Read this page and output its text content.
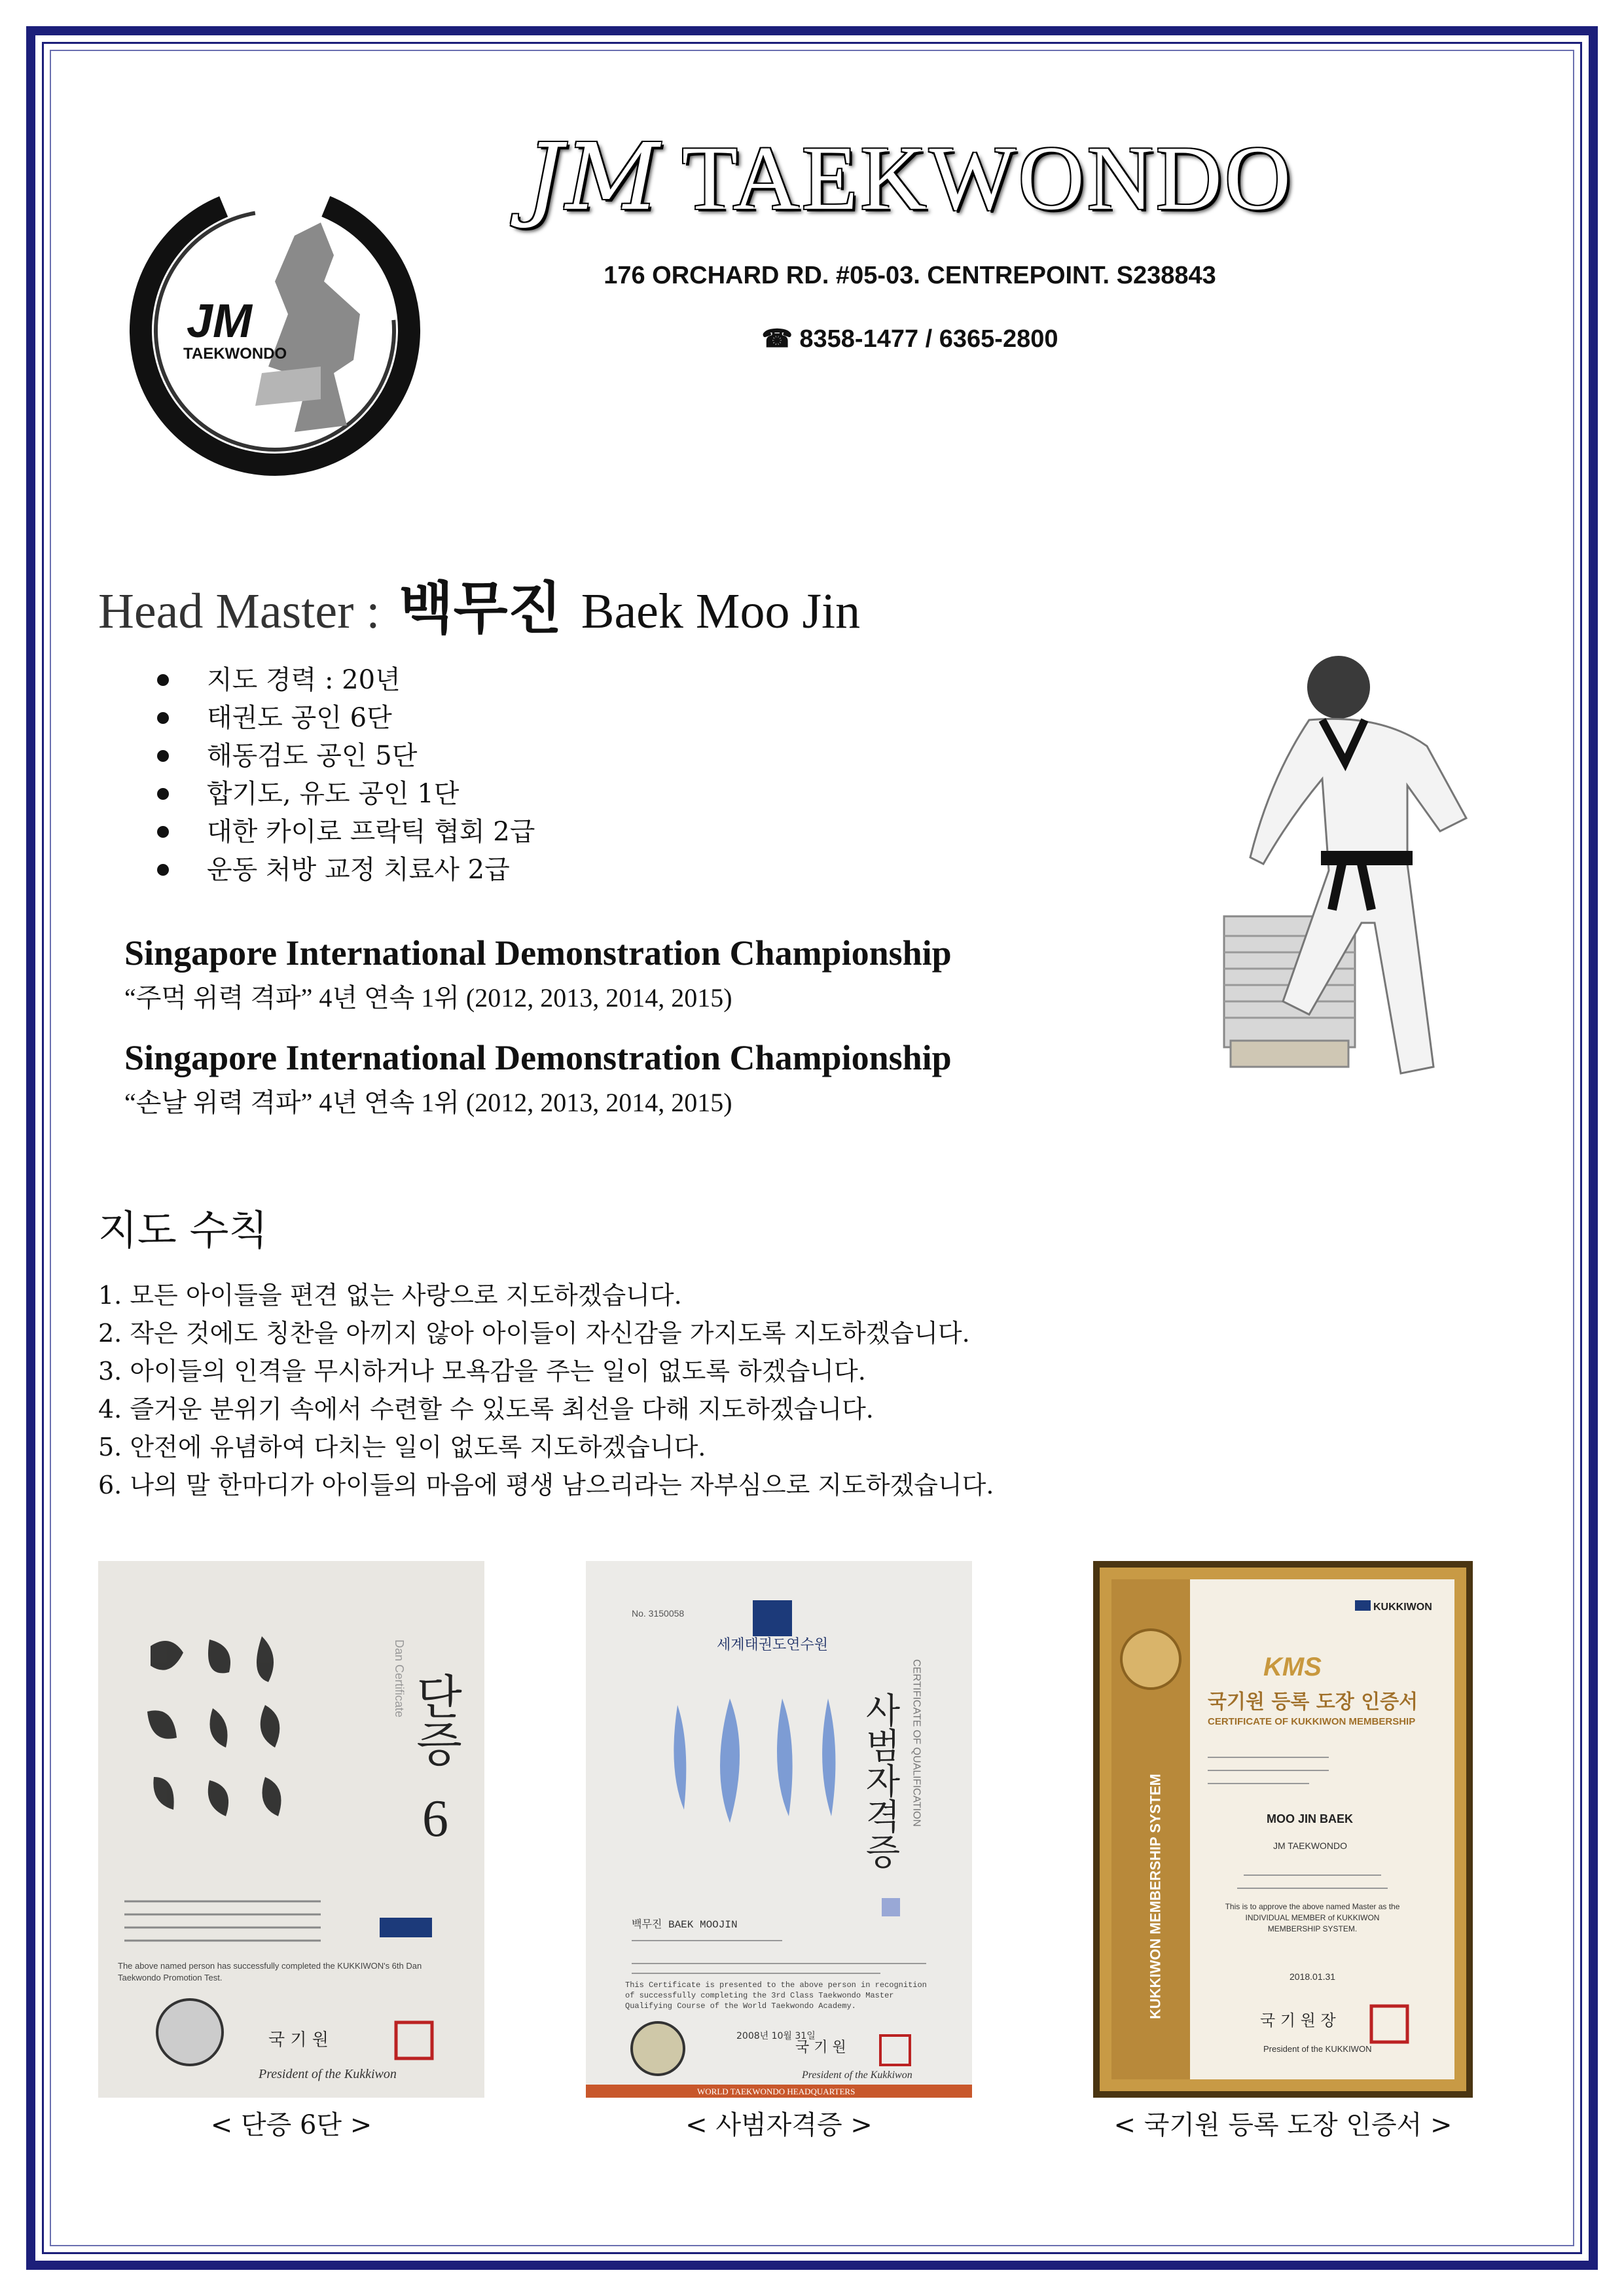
JM
TAEKWONDO
JM TAEKWONDO
176 ORCHARD RD. #05-03. CENTREPOINT. S238843
☎ 8358-1477 / 6365-2800
Head Master : 백무진 Baek Moo Jin
지도 경력 : 20년
태권도 공인 6단
해동검도 공인 5단
합기도, 유도 공인 1단
대한 카이로 프락틱 협회 2급
운동 처방 교정 치료사 2급
Singapore International Demonstration Championship
“주먹 위력 격파” 4년 연속 1위 (2012, 2013, 2014, 2015)
Singapore International Demonstration Championship
“손날 위력 격파” 4년 연속 1위 (2012, 2013, 2014, 2015)
지도 수칙
1. 모든 아이들을 편견 없는 사랑으로 지도하겠습니다.
2. 작은 것에도 칭찬을 아끼지 않아 아이들이 자신감을 가지도록 지도하겠습니다.
3. 아이들의 인격을 무시하거나 모욕감을 주는 일이 없도록 하겠습니다.
4. 즐거운 분위기 속에서 수련할 수 있도록 최선을 다해 지도하겠습니다.
5. 안전에 유념하여 다치는 일이 없도록 지도하겠습니다.
6. 나의 말 한마디가 아이들의 마음에 평생 남으리라는 자부심으로 지도하겠습니다.
단증
Dan Certificate
6
The above named person has successfully completed the KUKKIWON's 6th Dan Taekwondo Promotion Test.
국 기 원
President of the Kukkiwon
No. 3150058
세계태권도연수원
사범자격증 CERTIFICATE OF QUALIFICATION
백무진 BAEK MOOJIN
This Certificate is presented to the above person in recognition of successfully completing the 3rd Class Taekwondo Master Qualifying Course of the World Taekwondo Academy.
2008년 10월 31일
국 기 원
President of the Kukkiwon
WORLD TAEKWONDO HEADQUARTERS
KUKKIWON MEMBERSHIP SYSTEM
KUKKIWON
KMS
국기원 등록 도장 인증서
CERTIFICATE OF KUKKIWON MEMBERSHIP
MOO JIN BAEK
JM TAEKWONDO
This is to approve the above named Master as the INDIVIDUAL MEMBER of KUKKIWON MEMBERSHIP SYSTEM.
2018.01.31
국 기 원 장
President of the KUKKIWON
< 단증 6단 >	< 사범자격증 >	< 국기원 등록 도장 인증서 >
